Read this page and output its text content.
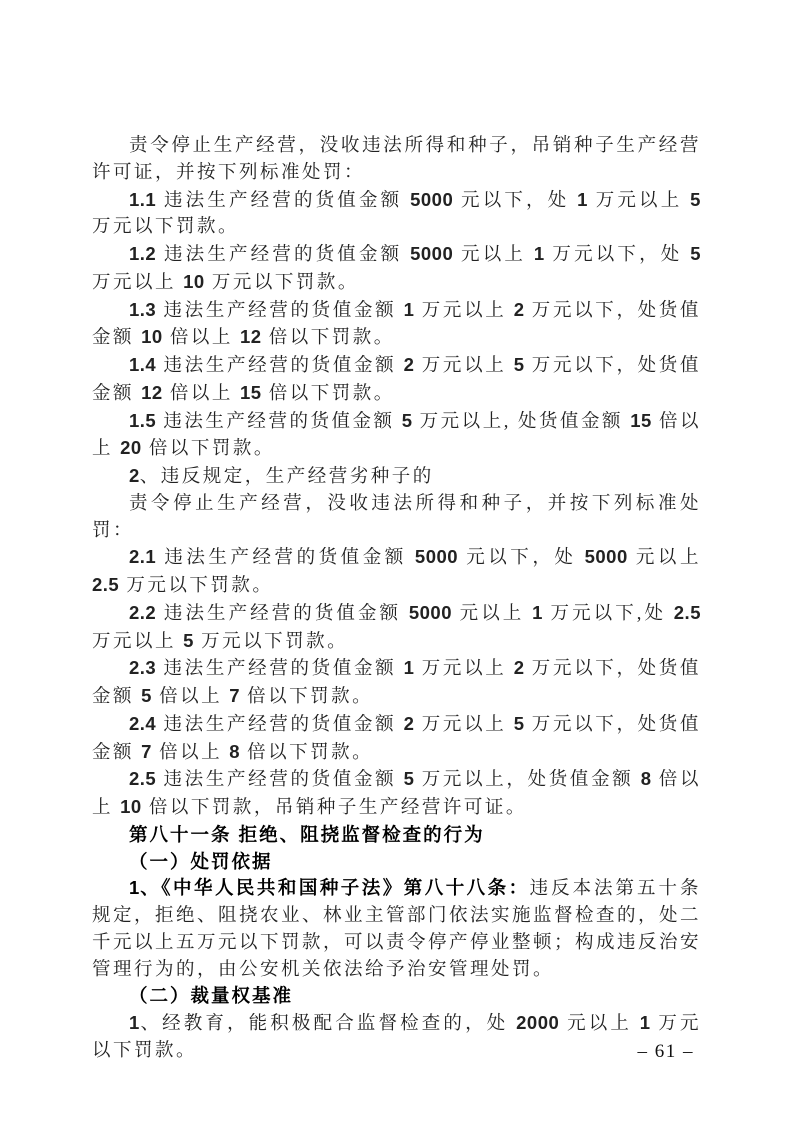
责令停止生产经营，没收违法所得和种子，吊销种子生产经营许可证，并按下列标准处罚：

1.1 违法生产经营的货值金额 5000 元以下，处 1 万元以上 5 万元以下罚款。

1.2 违法生产经营的货值金额 5000 元以上 1 万元以下，处 5 万元以上 10 万元以下罚款。

1.3 违法生产经营的货值金额 1 万元以上 2 万元以下，处货值金额 10 倍以上 12 倍以下罚款。

1.4 违法生产经营的货值金额 2 万元以上 5 万元以下，处货值金额 12 倍以上 15 倍以下罚款。

1.5 违法生产经营的货值金额 5 万元以上, 处货值金额 15 倍以上 20 倍以下罚款。

2、违反规定，生产经营劣种子的

责令停止生产经营，没收违法所得和种子，并按下列标准处罚：

2.1 违法生产经营的货值金额 5000 元以下，处 5000 元以上 2.5 万元以下罚款。

2.2 违法生产经营的货值金额 5000 元以上 1 万元以下,处 2.5 万元以上 5 万元以下罚款。

2.3 违法生产经营的货值金额 1 万元以上 2 万元以下，处货值金额 5 倍以上 7 倍以下罚款。

2.4 违法生产经营的货值金额 2 万元以上 5 万元以下，处货值金额 7 倍以上 8 倍以下罚款。

2.5 违法生产经营的货值金额 5 万元以上，处货值金额 8 倍以上 10 倍以下罚款，吊销种子生产经营许可证。

第八十一条 拒绝、阻挠监督检查的行为

（一）处罚依据

1、《中华人民共和国种子法》第八十八条：违反本法第五十条规定，拒绝、阻挠农业、林业主管部门依法实施监督检查的，处二千元以上五万元以下罚款，可以责令停产停业整顿；构成违反治安管理行为的，由公安机关依法给予治安管理处罚。

（二）裁量权基准

1、经教育，能积极配合监督检查的，处 2000 元以上 1 万元以下罚款。	– 61 –
